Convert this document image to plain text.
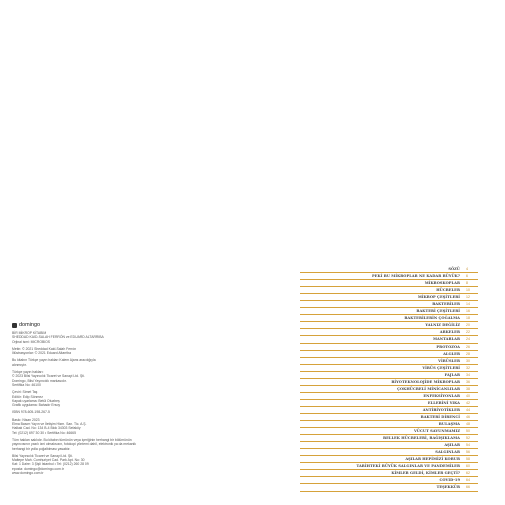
domingo

BİR MİKROP KİTABIM

SHEDDAD KAID-SALAH FERRÓN ve EDUARD ALTARRIBA

Orjinal ismi: MICROBIOS

Metin: © 2021 Sheddad Kaid-Salah Ferrón

İllüstrasyonlar: © 2021 Eduard Altarriba

Bu kitabın Türkçe yayın hakları Kalem Ajans aracılığıyla

alınmıştır.

Türkçe yayın hakları:

© 2023 Bilsi Yayıncılık Ticaret ve Sanayi Ltd. Şti.

Domingo, Bilsi Yayıncılık markasıdır.

Sertifika No: 46100

Çeviri: Simet Taş

Editör: Edip Sönmez

Kapak uyarlama: Betül Otuzbeş

Grafik uygulama: Bahadır Ersoy

ISBN 978-605-198-267-5

Baskı: Nisan 2023

Elma Basım Yayın ve İletişim Hizm. San. Tic. A.Ş.

Halkalı Cad. No: 134 B-4 Blok 34303 Sefaköy

Tel: (0212) 697 30 30 • Sertifika No: 46665

Tüm hakları saklıdır. Bu kitabın tümünün veya içeriğinin herhangi bir bölümünün

yayıncısının yazılı izni olmaksızın, fotokopi yöntemi dahil, elektronik ya da mekanik

herhangi bir yolla çoğaltılması yasaktır.

Bilsi Yayıncılık Ticaret ve Sanayi Ltd. Şti.

Maltepe Mah. Cumhuriyet Cad. Park Apt. No: 30

Kat: 1 Daire: 3 Şişli İstanbul • Tel: (0212) 260 28 09

eposta: domingo@domingo.com.tr

www.domingo.com.tr

SÖZÜ	4
PEKİ BU MİKROPLAR NE KADAR BÜYÜK?	6
MİKROSKOPLAR	8
HÜCRELER	10
MİKROP ÇEŞİTLERİ	12
BAKTERİLER	14
BAKTERİ ÇEŞİTLERİ	16
BAKTERİLERİN ÇOĞALMA	18
YALNIZ DEĞİLİZ	20
ARKELER	22
MANTARLAR	24
PROTOZOA	26
ALGLER	28
VİRÜSLER	30
VİRÜS ÇEŞİTLERİ	32
FAJLAR	34
BİYOTEKNOLOJİDE MİKROPLAR	36
ÇOKHÜCRELİ MİNİCANLILAR	38
ENFEKSİYONLAR	40
ELLERİNİ YIKA	42
ANTİBİYOTİKLER	44
BAKTERİ DİRENCİ	46
BULAŞMA	48
VÜCUT SAVUNMAMIZ	50
BELLEK HÜCRELERİ, BAĞIŞIKLAMA	52
AŞILAR	54
SALGINLAR	56
AŞILAR HEPİMİZİ KORUR	58
TARİHTEKİ BÜYÜK SALGINLAR VE PANDEMİLER	60
KİMLER GELDİ, KİMLER GEÇTİ?	62
COVID-19	64
TEŞEKKÜR	66
